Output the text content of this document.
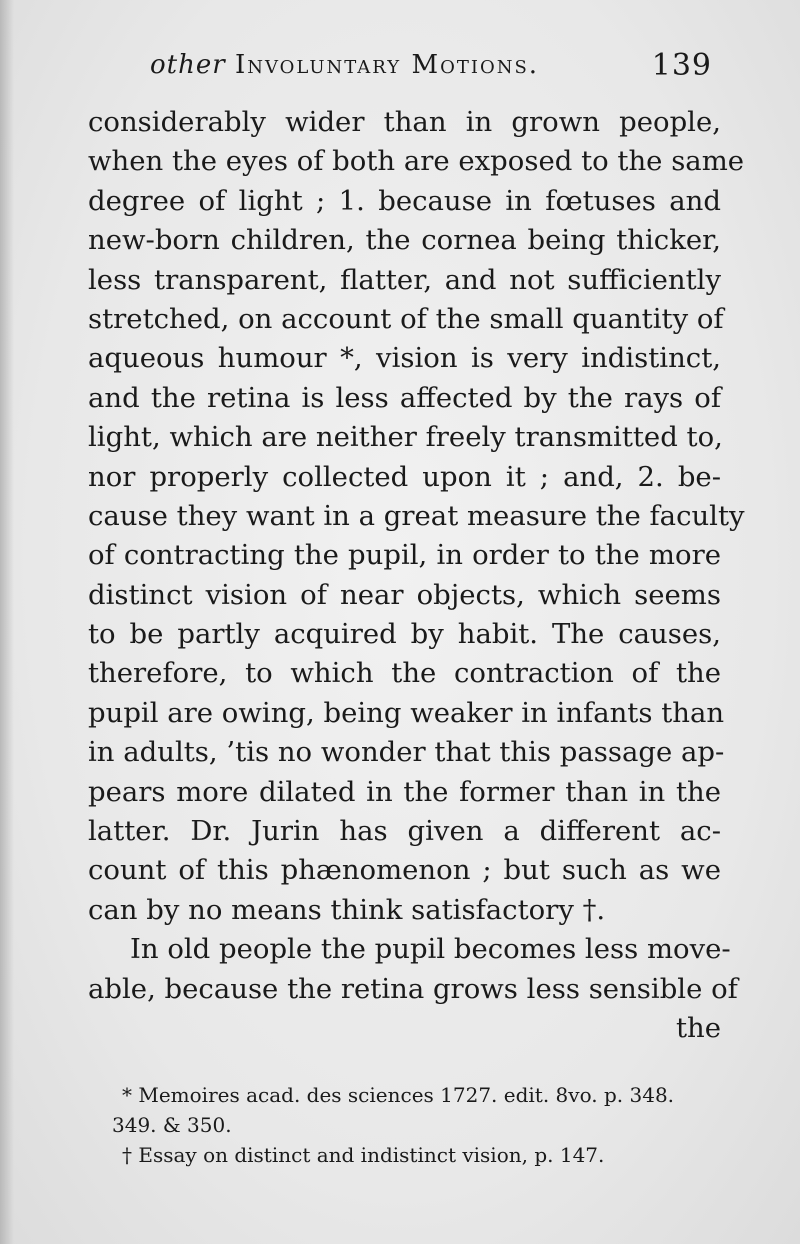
other Involuntary Motions.	139
considerably wider than in grown people,
when the eyes of both are exposed to the same
degree of light ; 1. because in fœtuses and
new-born children, the cornea being thicker,
less transparent, flatter, and not sufficiently
stretched, on account of the small quantity of
aqueous humour *, vision is very indistinct,
and the retina is less affected by the rays of
light, which are neither freely transmitted to,
nor properly collected upon it ; and, 2. be-
cause they want in a great measure the faculty
of contracting the pupil, in order to the more
distinct vision of near objects, which seems
to be partly acquired by habit. The causes,
therefore, to which the contraction of the
pupil are owing, being weaker in infants than
in adults, ’tis no wonder that this passage ap-
pears more dilated in the former than in the
latter. Dr. Jurin has given a different ac-
count of this phænomenon ; but such as we
can by no means think satisfactory †.
In old people the pupil becomes less move-
able, because the retina grows less sensible of
the
* Memoires acad. des sciences 1727. edit. 8vo. p. 348.
349. & 350.
† Essay on distinct and indistinct vision, p. 147.
